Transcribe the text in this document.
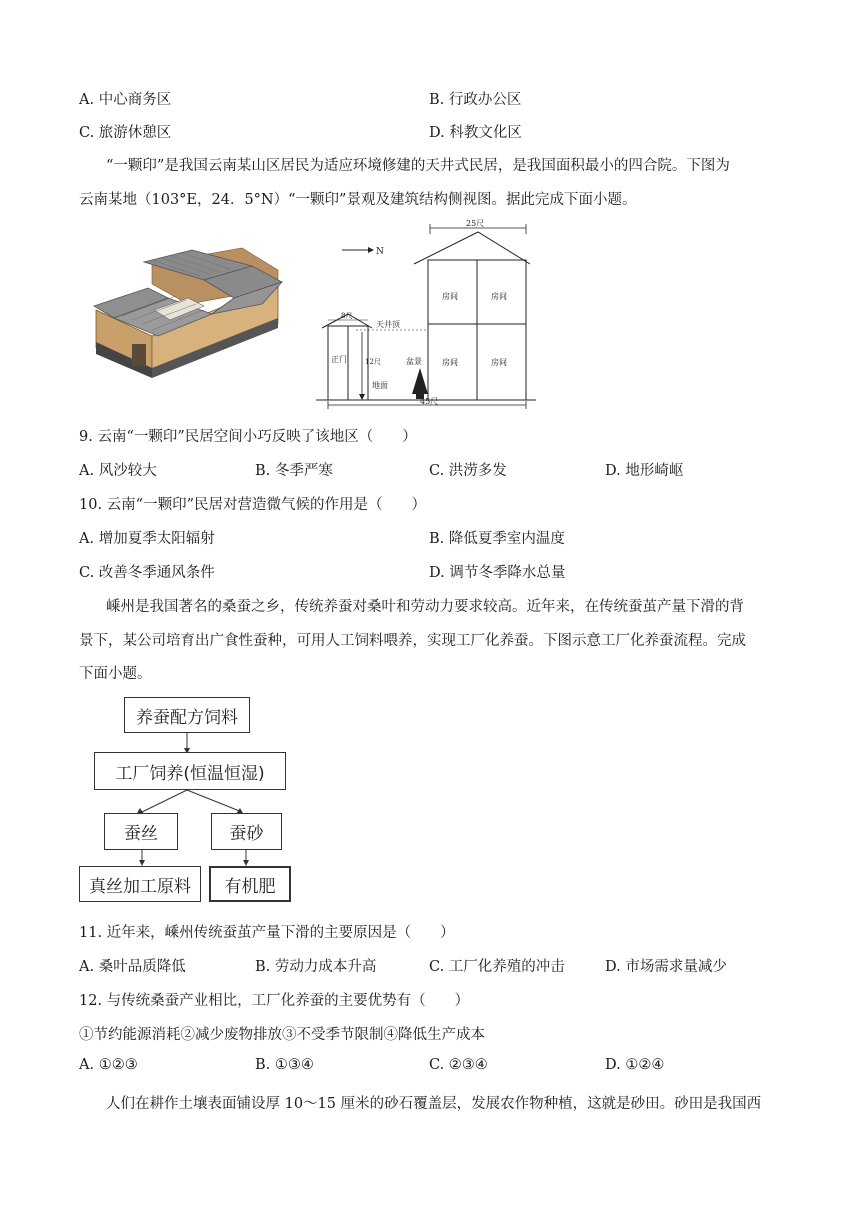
A. 中心商务区	B. 行政办公区
C. 旅游休憩区	D. 科教文化区
“一颗印”是我国云南某山区居民为适应环境修建的天井式民居，是我国面积最小的四合院。下图为
云南某地（103°E，24．5°N）“一颗印”景观及建筑结构侧视图。据此完成下面小题。
N
25尺
房间	房间
房间	房间
正门
8尺
天井顶
12尺
地面
盆景
45尺
9. 云南“一颗印”民居空间小巧反映了该地区（　　）
A. 风沙较大	B. 冬季严寒	C. 洪涝多发	D. 地形崎岖
10. 云南“一颗印”民居对营造微气候的作用是（　　）
A. 增加夏季太阳辐射	B. 降低夏季室内温度
C. 改善冬季通风条件	D. 调节冬季降水总量
嵊州是我国著名的桑蚕之乡，传统养蚕对桑叶和劳动力要求较高。近年来，在传统蚕茧产量下滑的背
景下，某公司培育出广食性蚕种，可用人工饲料喂养，实现工厂化养蚕。下图示意工厂化养蚕流程。完成
下面小题。
养蚕配方饲料
工厂饲养(恒温恒湿)
蚕丝	蚕砂
真丝加工原料	有机肥
11. 近年来，嵊州传统蚕茧产量下滑的主要原因是（　　）
A. 桑叶品质降低	B. 劳动力成本升高	C. 工厂化养殖的冲击	D. 市场需求量减少
12. 与传统桑蚕产业相比，工厂化养蚕的主要优势有（　　）
①节约能源消耗②减少废物排放③不受季节限制④降低生产成本
A. ①②③	B. ①③④	C. ②③④	D. ①②④
人们在耕作土壤表面铺设厚 10～15 厘米的砂石覆盖层，发展农作物种植，这就是砂田。砂田是我国西
